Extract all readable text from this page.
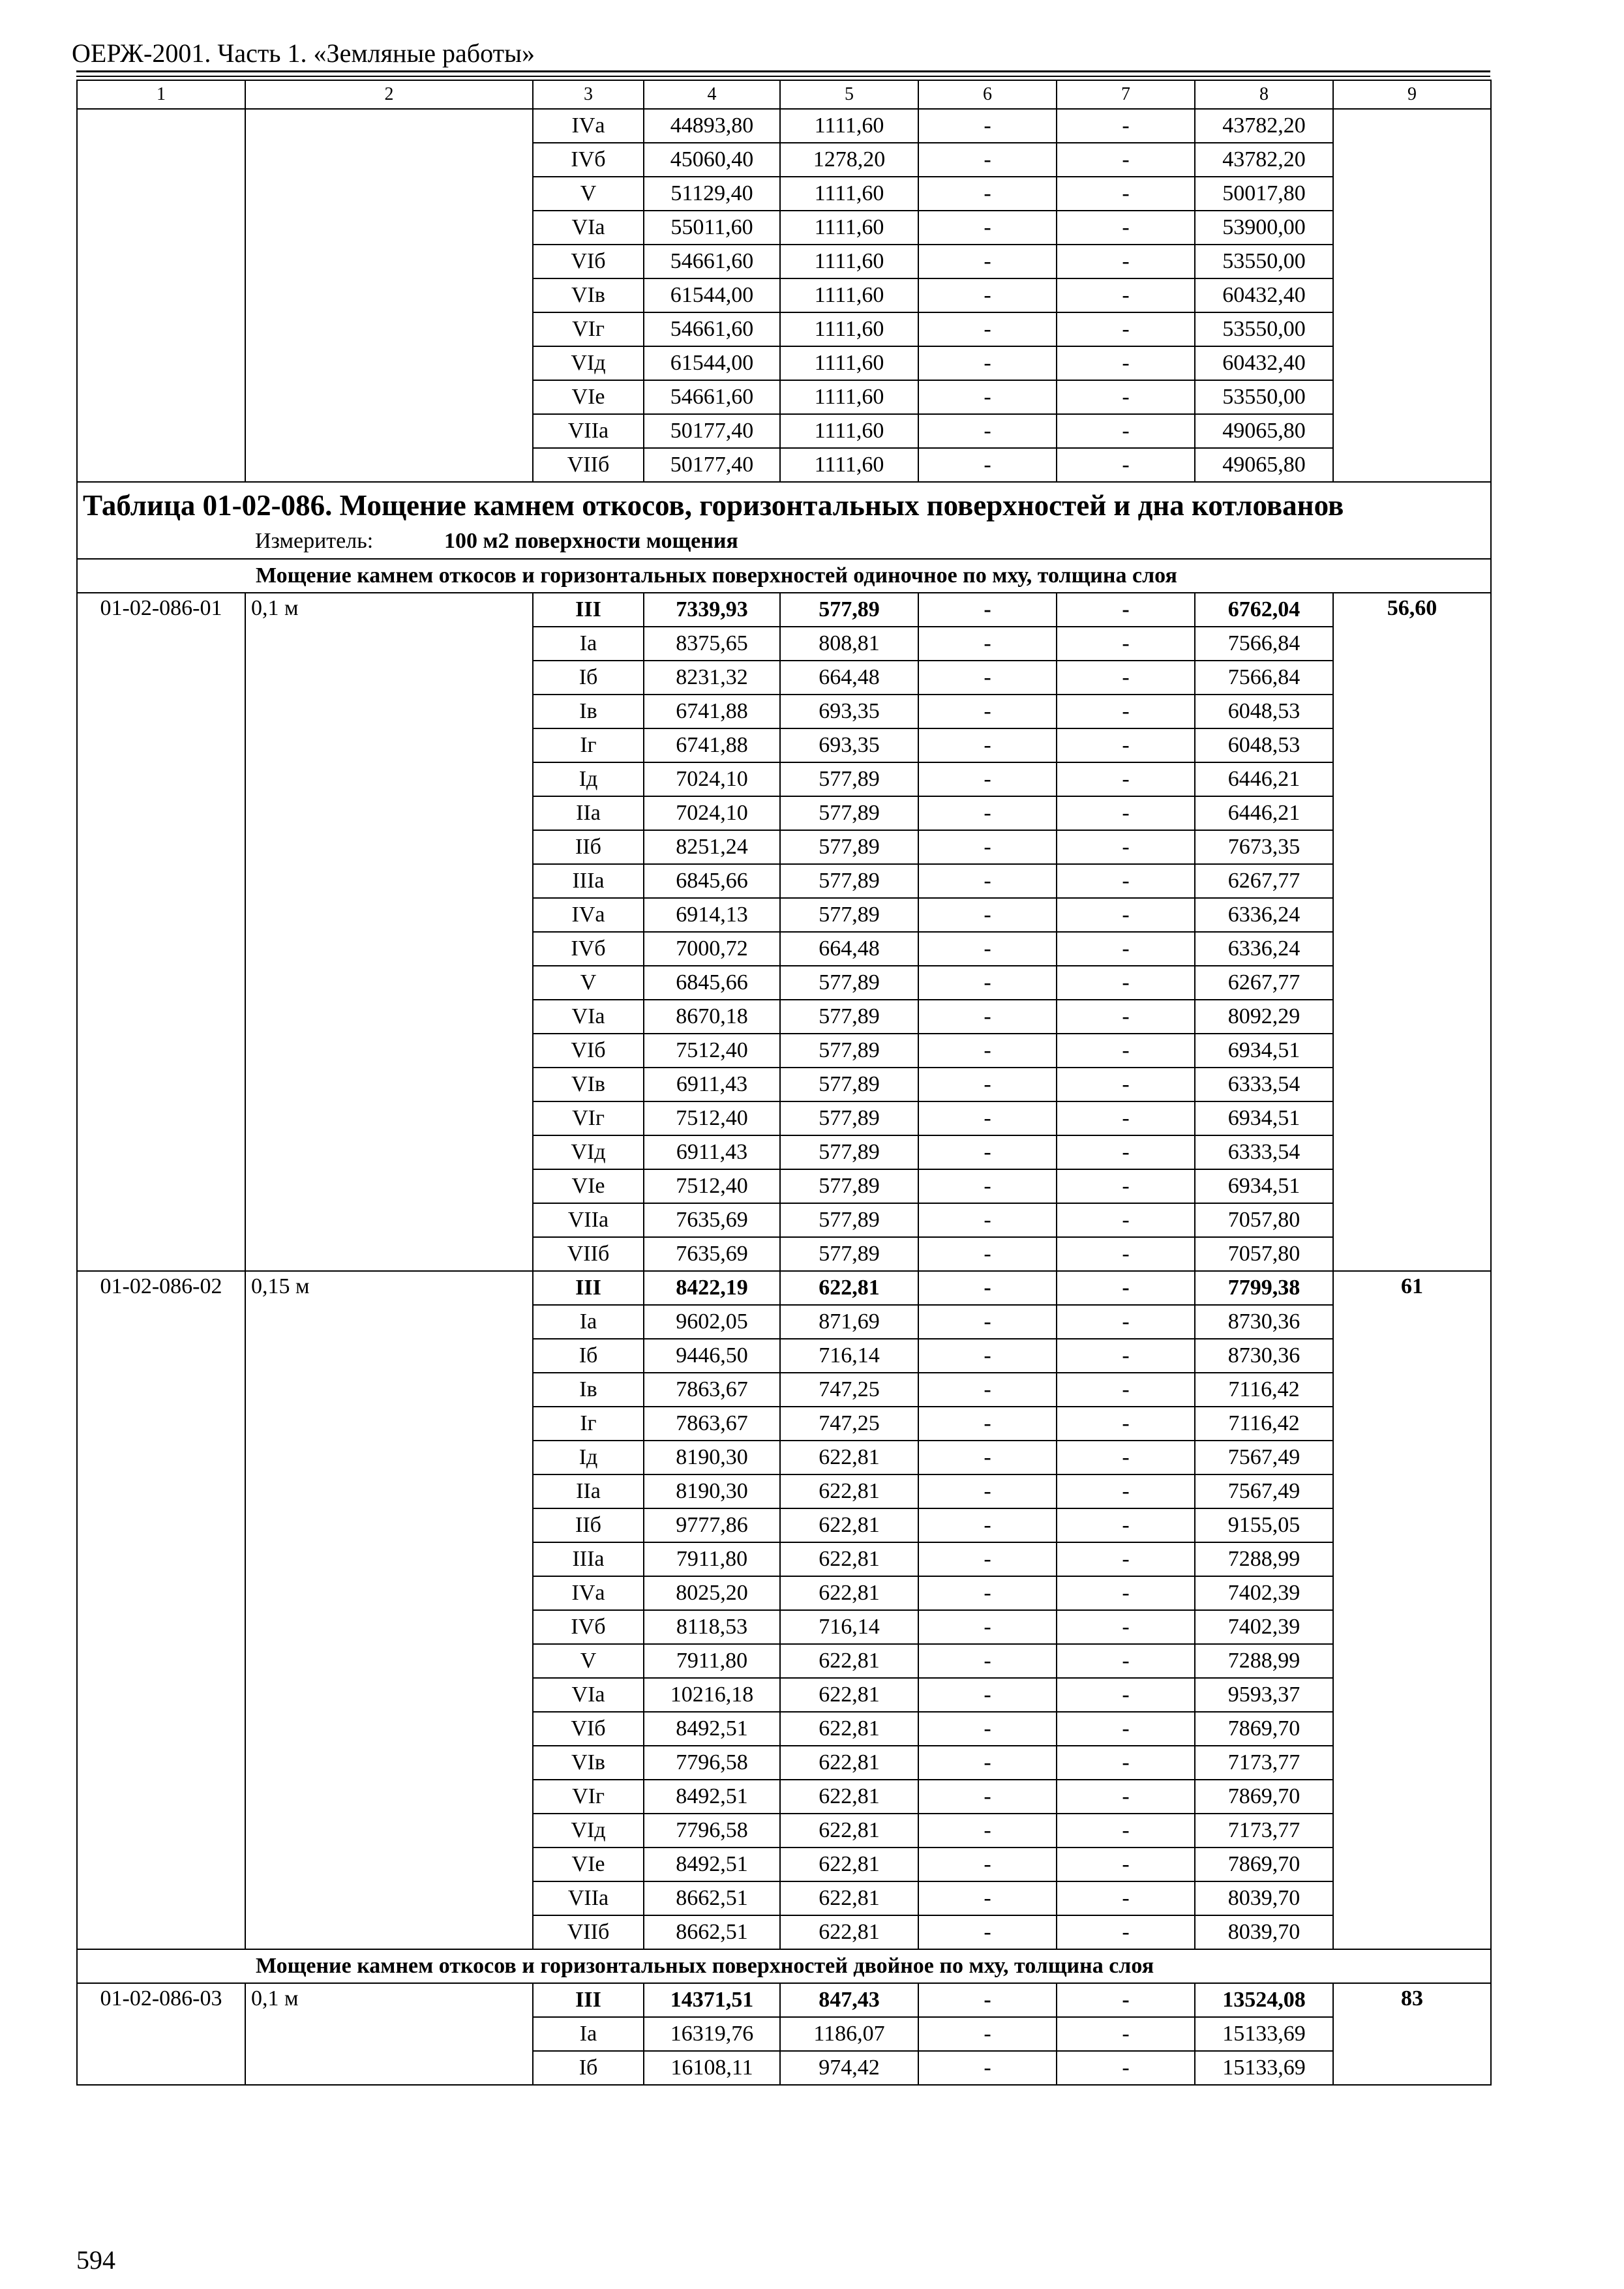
ОЕРЖ-2001. Часть 1. «Земляные работы»
1	2	3	4	5	6	7	8	9
		IVа	44893,80	1111,60	-	-	43782,20	
		IVб	45060,40	1278,20	-	-	43782,20	
		V	51129,40	1111,60	-	-	50017,80	
		VIа	55011,60	1111,60	-	-	53900,00	
		VIб	54661,60	1111,60	-	-	53550,00	
		VIв	61544,00	1111,60	-	-	60432,40	
		VIг	54661,60	1111,60	-	-	53550,00	
		VIд	61544,00	1111,60	-	-	60432,40	
		VIе	54661,60	1111,60	-	-	53550,00	
		VIIа	50177,40	1111,60	-	-	49065,80	
		VIIб	50177,40	1111,60	-	-	49065,80	

Таблица 01-02-086. Мощение камнем откосов, горизонтальных поверхностей и дна котлованов
Измеритель: 100 м2 поверхности мощения								

Мощение камнем откосов и горизонтальных поверхностей одиночное по мху, толщина слоя								
01-02-086-01	0,1 м	III	7339,93	577,89	-	-	6762,04	56,60
		Iа	8375,65	808,81	-	-	7566,84	
		Iб	8231,32	664,48	-	-	7566,84	
		Iв	6741,88	693,35	-	-	6048,53	
		Iг	6741,88	693,35	-	-	6048,53	
		Iд	7024,10	577,89	-	-	6446,21	
		IIа	7024,10	577,89	-	-	6446,21	
		IIб	8251,24	577,89	-	-	7673,35	
		IIIа	6845,66	577,89	-	-	6267,77	
		IVа	6914,13	577,89	-	-	6336,24	
		IVб	7000,72	664,48	-	-	6336,24	
		V	6845,66	577,89	-	-	6267,77	
		VIа	8670,18	577,89	-	-	8092,29	
		VIб	7512,40	577,89	-	-	6934,51	
		VIв	6911,43	577,89	-	-	6333,54	
		VIг	7512,40	577,89	-	-	6934,51	
		VIд	6911,43	577,89	-	-	6333,54	
		VIе	7512,40	577,89	-	-	6934,51	
		VIIа	7635,69	577,89	-	-	7057,80	
		VIIб	7635,69	577,89	-	-	7057,80	
01-02-086-02	0,15 м	III	8422,19	622,81	-	-	7799,38	61
		Iа	9602,05	871,69	-	-	8730,36	
		Iб	9446,50	716,14	-	-	8730,36	
		Iв	7863,67	747,25	-	-	7116,42	
		Iг	7863,67	747,25	-	-	7116,42	
		Iд	8190,30	622,81	-	-	7567,49	
		IIа	8190,30	622,81	-	-	7567,49	
		IIб	9777,86	622,81	-	-	9155,05	
		IIIа	7911,80	622,81	-	-	7288,99	
		IVа	8025,20	622,81	-	-	7402,39	
		IVб	8118,53	716,14	-	-	7402,39	
		V	7911,80	622,81	-	-	7288,99	
		VIа	10216,18	622,81	-	-	9593,37	
		VIб	8492,51	622,81	-	-	7869,70	
		VIв	7796,58	622,81	-	-	7173,77	
		VIг	8492,51	622,81	-	-	7869,70	
		VIд	7796,58	622,81	-	-	7173,77	
		VIе	8492,51	622,81	-	-	7869,70	
		VIIа	8662,51	622,81	-	-	8039,70	
		VIIб	8662,51	622,81	-	-	8039,70	
Мощение камнем откосов и горизонтальных поверхностей двойное по мху, толщина слоя								
01-02-086-03	0,1 м	III	14371,51	847,43	-	-	13524,08	83
		Iа	16319,76	1186,07	-	-	15133,69	
		Iб	16108,11	974,42	-	-	15133,69	
594
